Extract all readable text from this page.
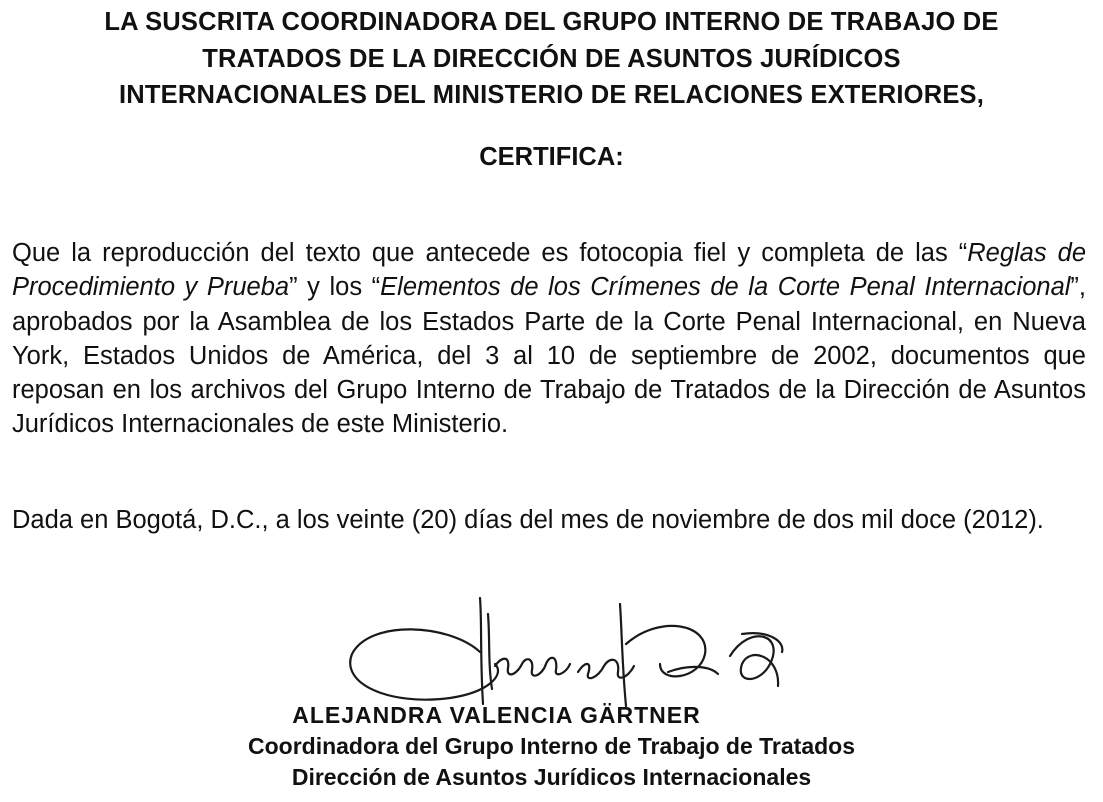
LA SUSCRITA COORDINADORA DEL GRUPO INTERNO DE TRABAJO DE
TRATADOS DE LA DIRECCIÓN DE ASUNTOS JURÍDICOS
INTERNACIONALES DEL MINISTERIO DE RELACIONES EXTERIORES,
CERTIFICA:
Que la reproducción del texto que antecede es fotocopia fiel y completa de las “Reglas de Procedimiento y Prueba” y los “Elementos de los Crímenes de la Corte Penal Internacional”, aprobados por la Asamblea de los Estados Parte de la Corte Penal Internacional, en Nueva York, Estados Unidos de América, del 3 al 10 de septiembre de 2002, documentos que reposan en los archivos del Grupo Interno de Trabajo de Tratados de la Dirección de Asuntos Jurídicos Internacionales de este Ministerio.
Dada en Bogotá, D.C., a los veinte (20) días del mes de noviembre de dos mil doce (2012).
ALEJANDRA VALENCIA GÄRTNER
Coordinadora del Grupo Interno de Trabajo de Tratados
Dirección de Asuntos Jurídicos Internacionales
